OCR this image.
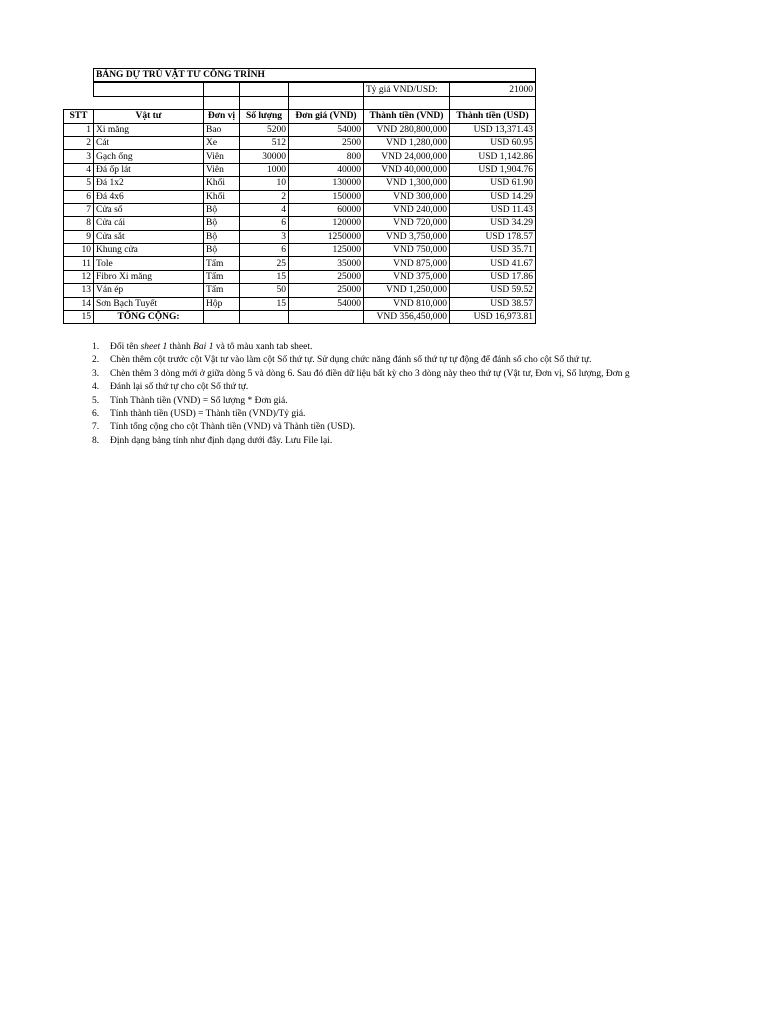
	BẢNG DỰ TRÙ VẬT TƯ CÔNG TRÌNH					
					Tỷ giá VND/USD:	21000

STT	Vật tư	Đơn vị	Số lượng	Đơn giá (VND)	Thành tiền (VND)	Thành tiền (USD)
1	Xi măng	Bao	5200	54000	VND 280,800,000	USD 13,371.43
2	Cát	Xe	512	2500	VND 1,280,000	USD 60.95
3	Gạch ống	Viên	30000	800	VND 24,000,000	USD 1,142.86
4	Đá ốp lát	Viên	1000	40000	VND 40,000,000	USD 1,904.76
5	Đá 1x2	Khối	10	130000	VND 1,300,000	USD 61.90
6	Đá 4x6	Khối	2	150000	VND 300,000	USD 14.29
7	Cửa sổ	Bộ	4	60000	VND 240,000	USD 11.43
8	Cửa cái	Bộ	6	120000	VND 720,000	USD 34.29
9	Cửa sắt	Bộ	3	1250000	VND 3,750,000	USD 178.57
10	Khung cửa	Bộ	6	125000	VND 750,000	USD 35.71
11	Tole	Tấm	25	35000	VND 875,000	USD 41.67
12	Fibro Xi măng	Tấm	15	25000	VND 375,000	USD 17.86
13	Ván ép	Tấm	50	25000	VND 1,250,000	USD 59.52
14	Sơn Bạch Tuyết	Hộp	15	54000	VND 810,000	USD 38.57
15	TỔNG CỘNG:				VND 356,450,000	USD 16,973.81
1.	Đổi tên sheet 1 thành Bai 1 và tô màu xanh tab sheet.
2.	Chèn thêm cột trước cột Vật tư vào làm cột Số thứ tự. Sử dụng chức năng đánh số thứ tự tự động để đánh số cho cột Số thứ tự.
3.	Chèn thêm 3 dòng mới ở giữa dòng 5 và dòng 6. Sau đó điền dữ liệu bất kỳ cho 3 dòng này theo thứ tự (Vật tư, Đơn vị, Số lượng, Đơn g
4.	Đánh lại số thứ tự cho cột Số thứ tự.
5.	Tính Thành tiền (VND) = Số lượng * Đơn giá.
6.	Tính thành tiền (USD) = Thành tiền (VND)/Tỷ giá.
7.	Tính tổng cộng cho cột Thành tiền (VND) và Thành tiền (USD).
8.	Định dạng bảng tính như định dạng dưới đây. Lưu File lại.
